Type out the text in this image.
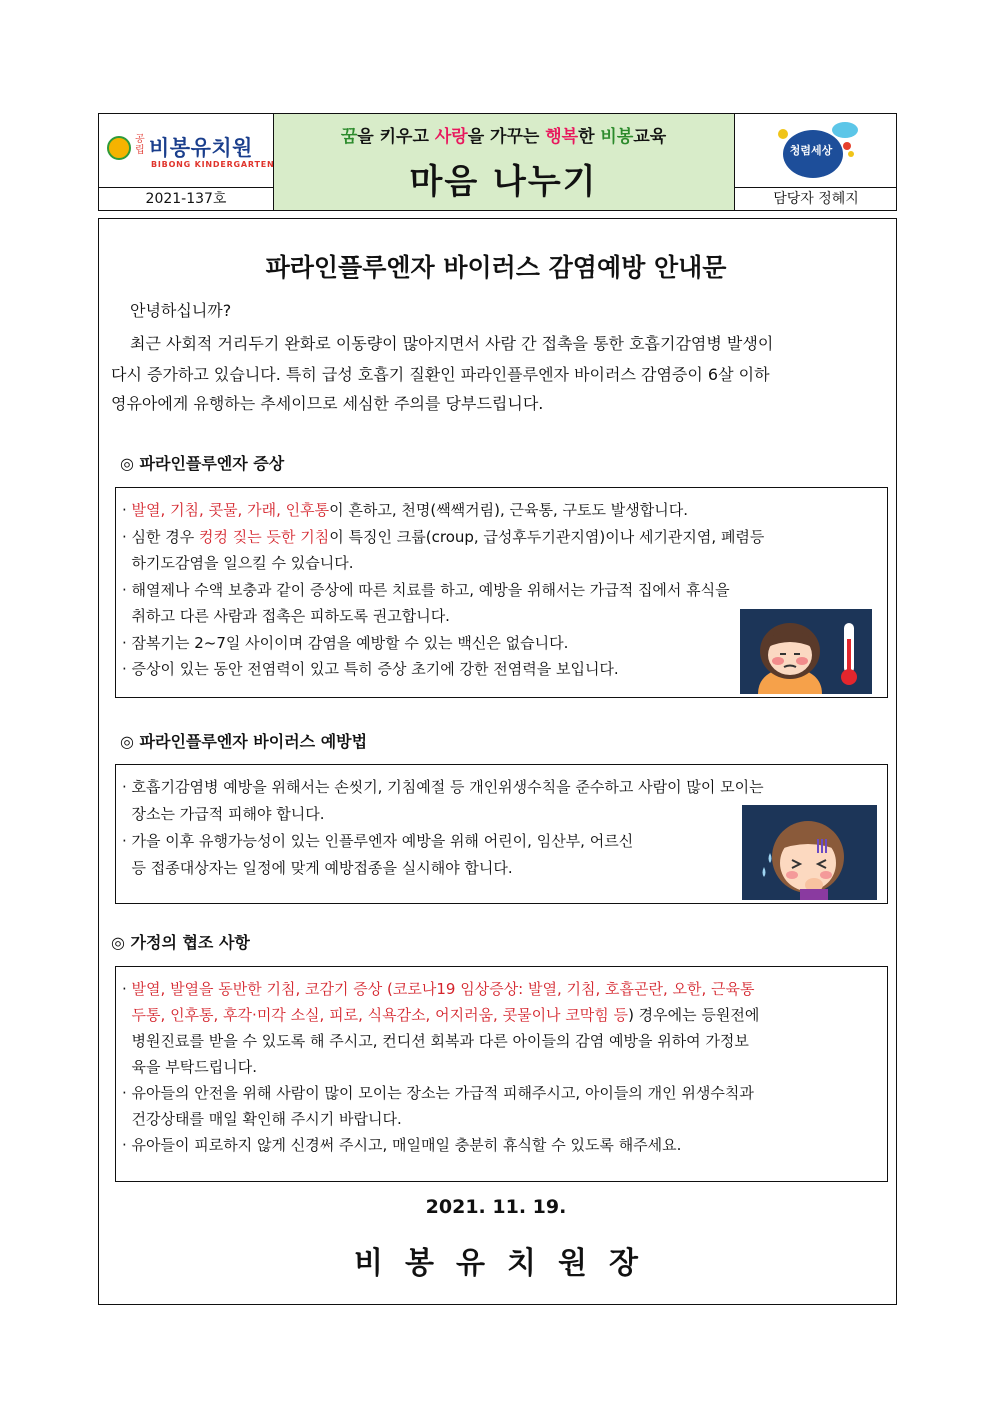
공립 비봉유치원
BIBONG KINDERGARTEN
2021-137호
꿈을 키우고 사랑을 가꾸는 행복한 비봉교육
마음 나누기
청렴세상
담당자 정혜지
파라인플루엔자 바이러스 감염예방 안내문
안녕하십니까?
최근 사회적 거리두기 완화로 이동량이 많아지면서 사람 간 접촉을 통한 호흡기감염병 발생이
다시 증가하고 있습니다. 특히 급성 호흡기 질환인 파라인플루엔자 바이러스 감염증이 6살 이하
영유아에게 유행하는 추세이므로 세심한 주의를 당부드립니다.
◎ 파라인플루엔자 증상
· 발열, 기침, 콧물, 가래, 인후통이 흔하고, 천명(쌕쌕거림), 근육통, 구토도 발생합니다.
· 심한 경우 컹컹 짖는 듯한 기침이 특징인 크룹(croup, 급성후두기관지염)이나 세기관지염, 폐렴등
하기도감염을 일으킬 수 있습니다.
· 해열제나 수액 보충과 같이 증상에 따른 치료를 하고, 예방을 위해서는 가급적 집에서 휴식을
취하고 다른 사람과 접촉은 피하도록 권고합니다.
· 잠복기는 2~7일 사이이며 감염을 예방할 수 있는 백신은 없습니다.
· 증상이 있는 동안 전염력이 있고 특히 증상 초기에 강한 전염력을 보입니다.
◎ 파라인플루엔자 바이러스 예방법
· 호흡기감염병 예방을 위해서는 손씻기, 기침예절 등 개인위생수칙을 준수하고 사람이 많이 모이는
장소는 가급적 피해야 합니다.
· 가을 이후 유행가능성이 있는 인플루엔자 예방을 위해 어린이, 임산부, 어르신
등 접종대상자는 일정에 맞게 예방접종을 실시해야 합니다.
◎ 가정의 협조 사항
· 발열, 발열을 동반한 기침, 코감기 증상 (코로나19 임상증상: 발열, 기침, 호흡곤란, 오한, 근육통
두통, 인후통, 후각·미각 소실, 피로, 식욕감소, 어지러움, 콧물이나 코막힘 등) 경우에는 등원전에
병원진료를 받을 수 있도록 해 주시고, 컨디션 회복과 다른 아이들의 감염 예방을 위하여 가정보
육을 부탁드립니다.
· 유아들의 안전을 위해 사람이 많이 모이는 장소는 가급적 피해주시고, 아이들의 개인 위생수칙과
건강상태를 매일 확인해 주시기 바랍니다.
· 유아들이 피로하지 않게 신경써 주시고, 매일매일 충분히 휴식할 수 있도록 해주세요.
2021. 11. 19.
비봉유치원장
